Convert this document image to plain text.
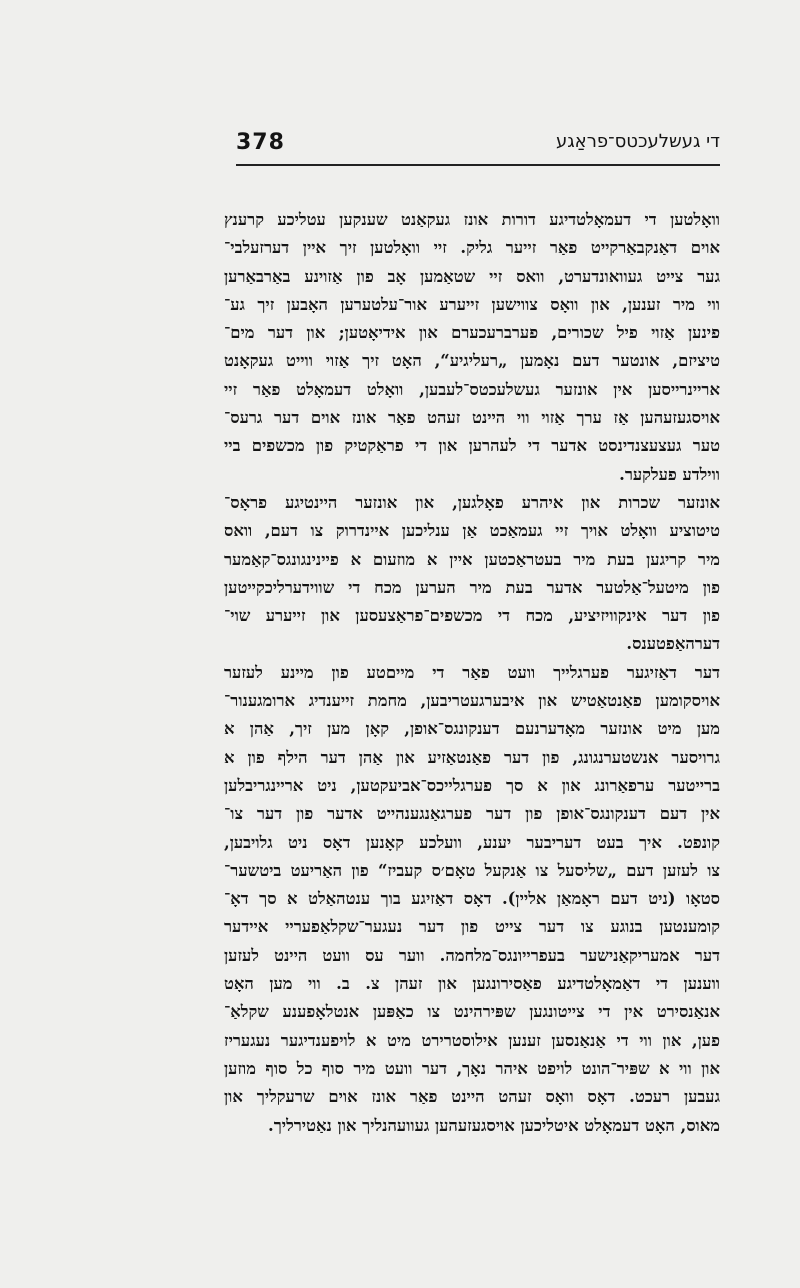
378	די געשלעכטס־פראַגע
וואָלטען די דעמאָלטדיגע דורות אונז געקאַנט שענקען עטליכע קרענץ
אוים דאַנקבאַרקייט פאַר זייער גליק. זיי וואָלטען זיך איין דערזעלבי־
גער צייט געוואונדערט, וואס זיי שטאַמען אָב פון אַזוינע באַרבאַרען
ווי מיר זענען, און וואָס צווישען זייערע אור־עלטערען האָבען זיך גע־
פינען אַזוי פיל שכורים, פערברעכערם און אידיאָטען; און דער מים־
טיציזם, אונטער דעם נאָמען „רעליגיע“, האָט זיך אַזוי ווייט געקאָנט
אריינרייסען אין אונזער געשלעכטס־לעבען, וואָלט דעמאָלט פאַר זיי
אויסגעזעהען אַז ערך אַזוי ווי היינט זעהט פאַר אונז אוים דער גרעס־
טער געצעצנדינסט אדער די לעהרען און די פראַקטיק פון מכשפים ביי
ווילדע פעלקער.
אונזער שכרות און איהרע פאָלגען, און אונזער היינטיגע פראָס־
טיטוציע וואָלט אויך זיי געמאַכט אַן ענליכען איינדרוק צו דעם, וואס
מיר קריגען בעת מיר בעטראַכטען איין א מוזעום א פיינינגונגס־קאַמער
פון מיטעל־אַלטער אדער בעת מיר הערען מכח די שווידערליכקייטען
פון דער אינקוויזיציע, מכח די מכשפים־פראַצעסען און זייערע שוי־
דערהאַפטענס.
דער דאַזיגער פערגלייך וועט פאַר די מייםטע פון מיינע לעזער
אויסקומען פאַנטאַטיש און איבערגעטריבען, מחמת זייענדיג ארומגענור־
מען מיט אונזער מאָדערנעם דענקונגס־אופן, קאָן מען זיך, אַהן א
גרויסער אנשטערנגונג, פון דער פאַנטאַזיע און אַהן דער הילף פון א
ברייטער ערפאַרונג און א סך פערגלייכס־אביעקטען, ניט אריינגריבלען
אין דעם דענקונגס־אופן פון דער פערגאַנגענהייט אדער פון דער צו־
קונפט. איך בעט דעריבער יענע, וועלכע קאָנען דאָס ניט גלויבען,
צו לעזען דעם „שליסעל צו אַנקעל טאָם׳ס קעביז“ פון האַריעט ביטשער־
סטאָו (ניט דעם ראָמאַן אליין). דאָס דאַזיגע בוך ענטהאַלט א סך דאָ־
קומענטען בנוגע צו דער צייט פון דער נעגער־שקלאַפעריי איידער
דער אמעריקאַנישער בעפרייונגס־מלחמה. ווער עס וועט היינט לעזען
ווענען די דאַמאָלטדיגע פאַסירונגען און זעהן צ. ב. ווי מען האָט
אנאַנסירט אין די צייטונגען שפּירהינט צו כאַפּען אנטלאָפענע שקלאַ־
פען, און ווי די אַנאַנסען זענען אילוסטרירט מיט א לויפענדיגער נעגעריז
און ווי א שפּיר־הונט לויפט איהר נאָך, דער וועט מיר סוף כל סוף מוזען
געבען רעכט. דאָס וואָס זעהט היינט פאַר אונז אוים שרעקליך און
מאוס, האָט דעמאָלט איטליכען אויסגעזעהען געוועהנליך און נאַטירליך.
